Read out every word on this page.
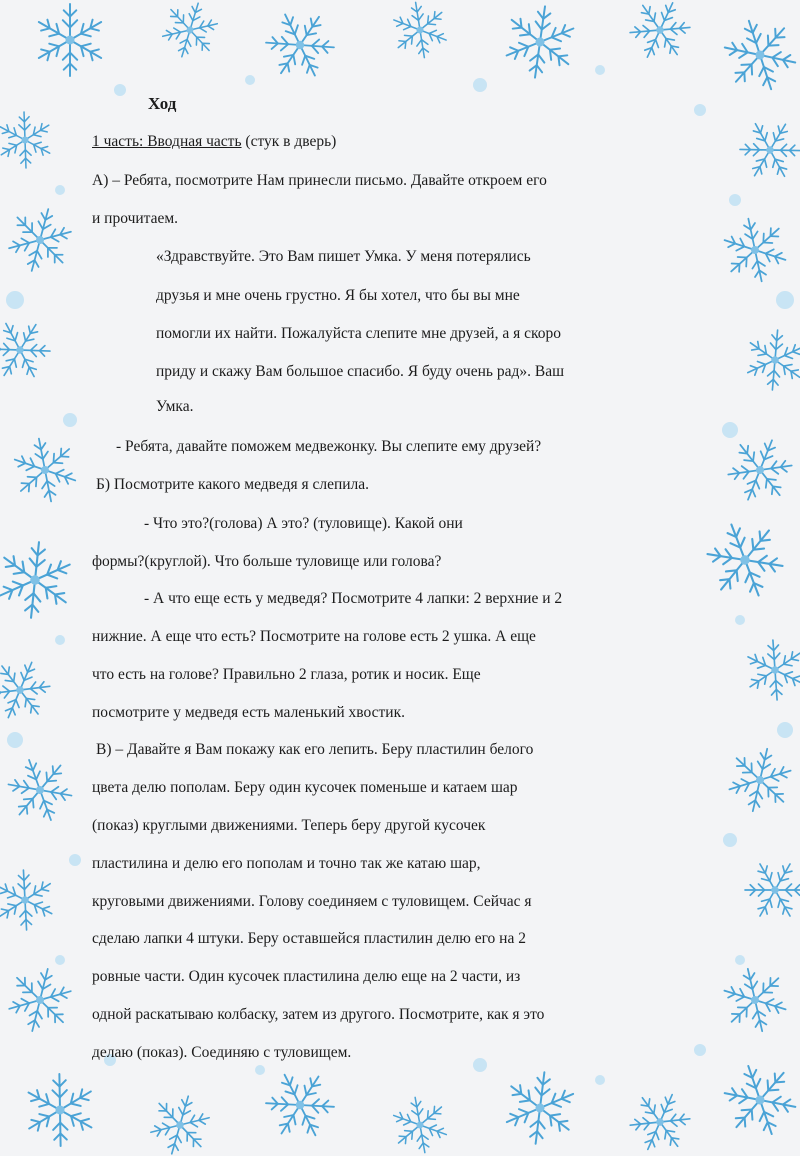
Ход
1 часть: Вводная часть (стук в дверь)
А) – Ребята, посмотрите Нам принесли письмо. Давайте откроем его
и прочитаем.
«Здравствуйте. Это Вам пишет Умка. У меня потерялись
друзья и мне очень грустно. Я бы хотел, что бы вы мне
помогли их найти. Пожалуйста слепите мне друзей, а я скоро
приду и скажу Вам большое спасибо. Я буду очень рад». Ваш
Умка.
- Ребята, давайте поможем медвежонку. Вы слепите ему друзей?
Б) Посмотрите какого медведя я слепила.
- Что это?(голова) А это? (туловище). Какой они
формы?(круглой). Что больше туловище или голова?
- А что еще есть у медведя? Посмотрите 4 лапки: 2 верхние и 2
нижние. А еще что есть? Посмотрите на голове есть 2 ушка. А еще
что есть на голове? Правильно 2 глаза, ротик и носик. Еще
посмотрите у медведя есть маленький хвостик.
В) – Давайте я Вам покажу как его лепить. Беру пластилин белого
цвета делю пополам. Беру один кусочек поменьше и катаем шар
(показ) круглыми движениями. Теперь беру другой кусочек
пластилина и делю его пополам и точно так же катаю шар,
круговыми движениями. Голову соединяем с туловищем. Сейчас я
сделаю лапки 4 штуки. Беру оставшейся пластилин делю его на 2
ровные части. Один кусочек пластилина делю еще на 2 части, из
одной раскатываю колбаску, затем из другого. Посмотрите, как я это
делаю (показ). Соединяю с туловищем.
